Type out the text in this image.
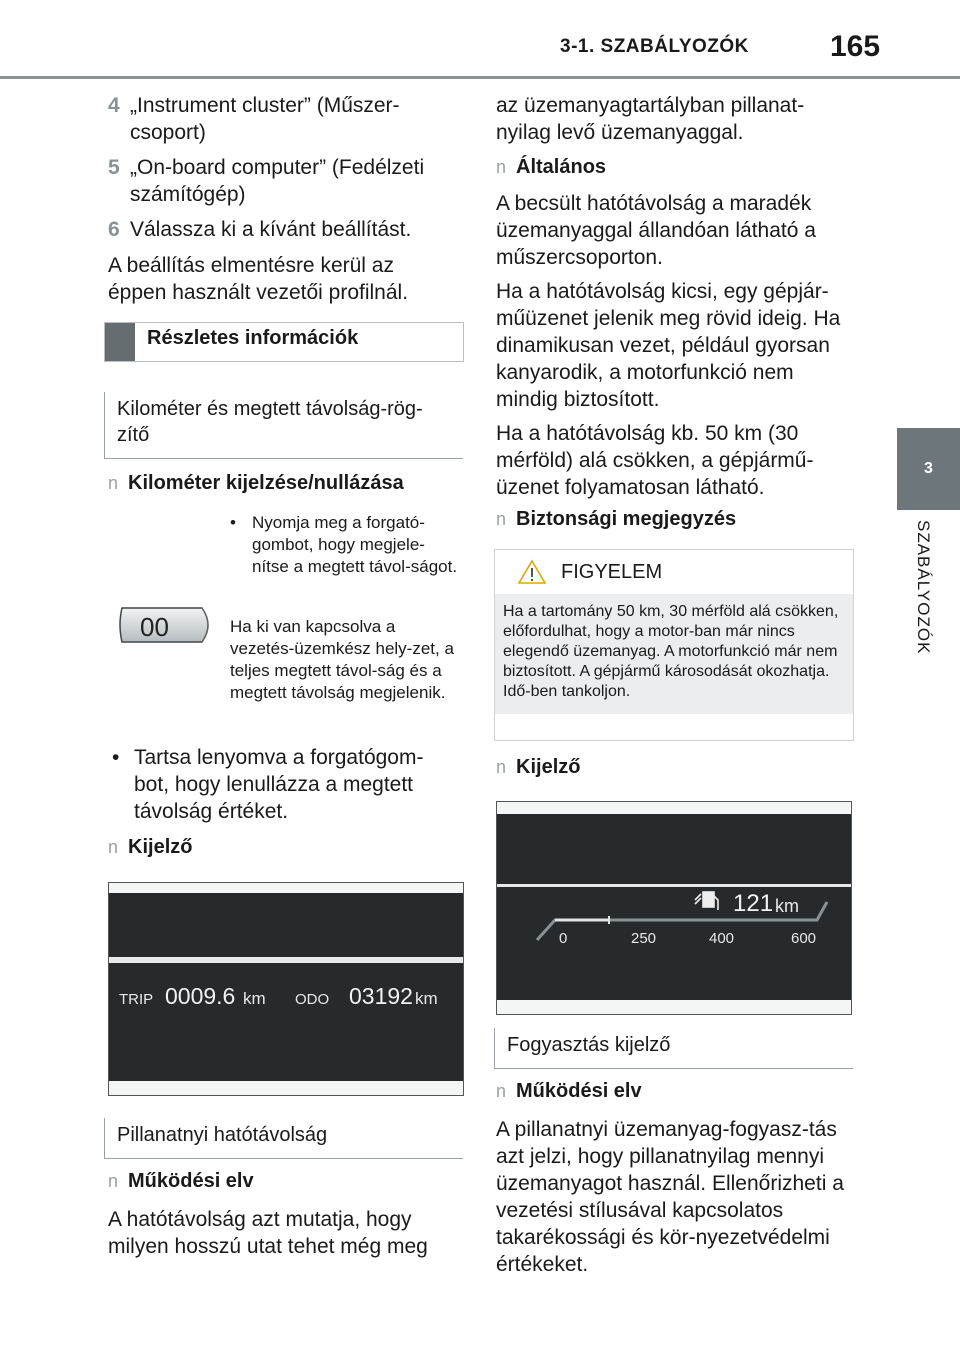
3-1. SZABÁLYOZÓK	165
3
SZABÁLYOZÓK
4 „Instrument cluster” (Műszer-csoport)
5 „On-board computer” (Fedélzeti számítógép)
6 Válassza ki a kívánt beállítást.
A beállítás elmentésre kerül az éppen használt vezetői profilnál.
Részletes információk
Kilométer és megtett távolság-rög-zítő
n Kilométer kijelzése/nullázása
00
• Nyomja meg a forgató-gombot, hogy megjele-nítse a megtett távol-ságot.
Ha ki van kapcsolva a vezetés-üzemkész hely-zet, a teljes megtett távol-ság és a megtett távolság megjelenik.
• Tartsa lenyomva a forgatógom-bot, hogy lenullázza a megtett távolság értéket.
n Kijelző
TRIP 0009.6 km ODO 03192 km
Pillanatnyi hatótávolság
n Működési elv
A hatótávolság azt mutatja, hogy milyen hosszú utat tehet még meg
az üzemanyagtartályban pillanat-nyilag levő üzemanyaggal.
n Általános
A becsült hatótávolság a maradék üzemanyaggal állandóan látható a műszercsoporton.
Ha a hatótávolság kicsi, egy gépjár-műüzenet jelenik meg rövid ideig. Ha dinamikusan vezet, például gyorsan kanyarodik, a motorfunkció nem mindig biztosított.
Ha a hatótávolság kb. 50 km (30 mérföld) alá csökken, a gépjármű-üzenet folyamatosan látható.
n Biztonsági megjegyzés
FIGYELEM
Ha a tartomány 50 km, 30 mérföld alá csökken, előfordulhat, hogy a motor-ban már nincs elegendő üzemanyag. A motorfunkció már nem biztosított. A gépjármű károsodását okozhatja. Idő-ben tankoljon.
n Kijelző
121 km
0	250	400	600
Fogyasztás kijelző
n Működési elv
A pillanatnyi üzemanyag-fogyasz-tás azt jelzi, hogy pillanatnyilag mennyi üzemanyagot használ. Ellenőrizheti a vezetési stílusával kapcsolatos takarékossági és kör-nyezetvédelmi értékeket.
